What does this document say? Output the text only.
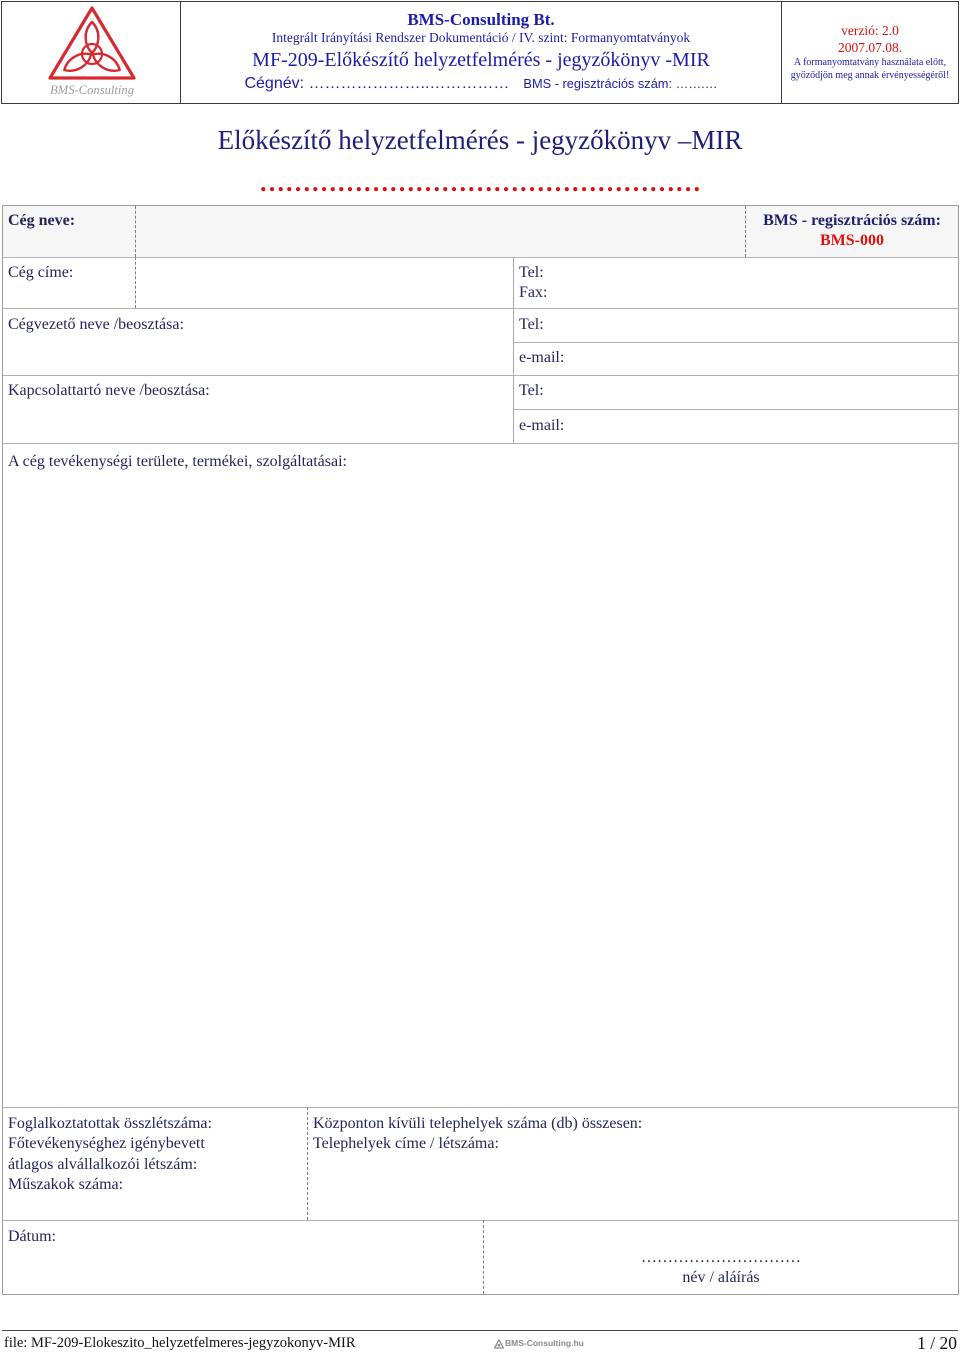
BMS-Consulting
BMS-Consulting Bt.
Integrált Irányítási Rendszer Dokumentáció / IV. szint: Formanyomtatványok
MF-209-Előkészítő helyzetfelmérés - jegyzőkönyv -MIR
Cégnév: …………………..…………… BMS - regisztrációs szám: …….…
verzió: 2.0
2007.07.08.
A formanyomtatvány használata előtt,
győződjön meg annak érvényességéről!
Előkészítő helyzetfelmérés - jegyzőkönyv –MIR
……………………………………………
Cég neve:	BMS - regisztrációs szám:
BMS-000
Cég címe:	Tel:
Fax:
Cégvezető neve /beosztása:	Tel:
e-mail:
Kapcsolattartó neve /beosztása:	Tel:
e-mail:
A cég tevékenységi területe, termékei, szolgáltatásai:
Foglalkoztatottak összlétszáma:
Főtevékenységhez igénybevett
átlagos alvállalkozói létszám:
Műszakok száma:
Központon kívüli telephelyek száma (db) összesen:
Telephelyek címe / létszáma:
Dátum:
…………………………
név / aláírás
file: MF-209-Elokeszito_helyzetfelmeres-jegyzokonyv-MIR	BMS-Consulting.hu	1 / 20
